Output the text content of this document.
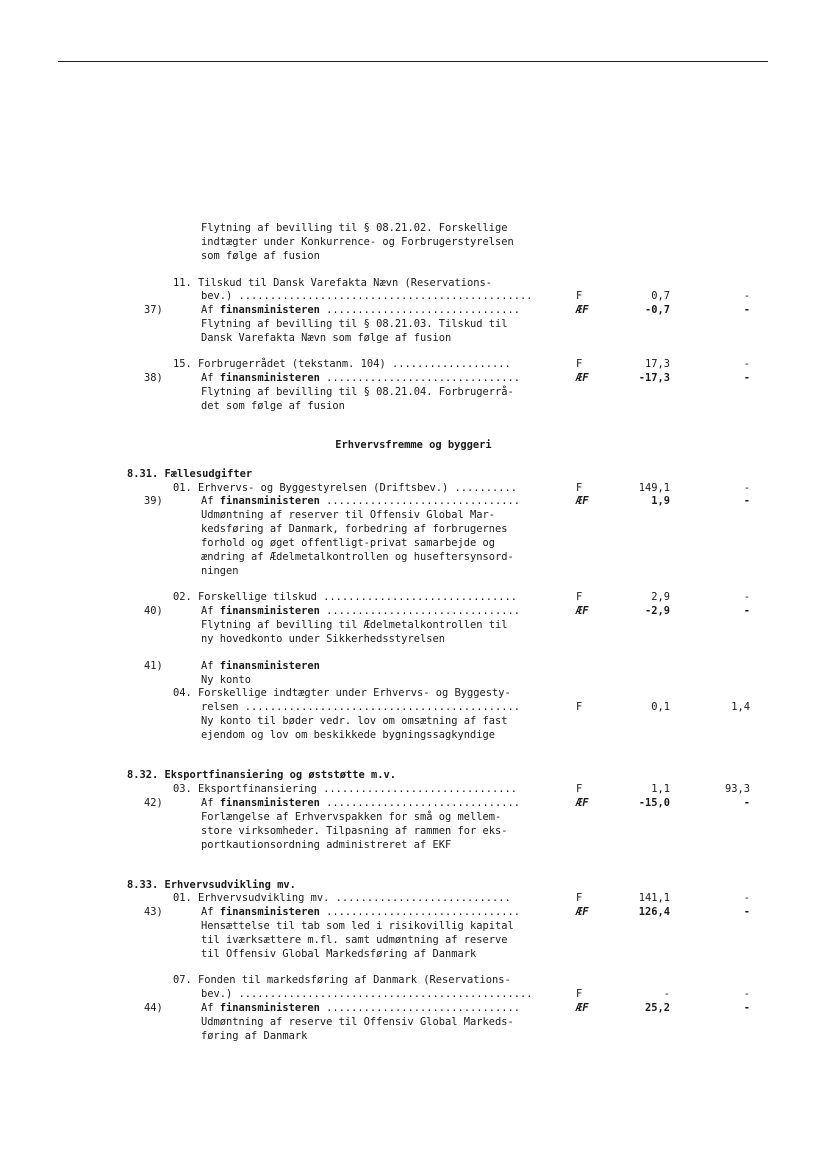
Flytning af bevilling til § 08.21.02. Forskellige
indtægter under Konkurrence- og Forbrugerstyrelsen
som følge af fusion
11. Tilskud til Dansk Varefakta Nævn (Reservations-
bev.) ...............................................	F	0,7	-
37)	Af finansministeren ...............................	ÆF	-0,7	-
Flytning af bevilling til § 08.21.03. Tilskud til
Dansk Varefakta Nævn som følge af fusion
15. Forbrugerrådet (tekstanm. 104) ...................	F	17,3	-
38)	Af finansministeren ...............................	ÆF	-17,3	-
Flytning af bevilling til § 08.21.04. Forbrugerrå-
det som følge af fusion
Erhvervsfremme og byggeri
8.31. Fællesudgifter
01. Erhvervs- og Byggestyrelsen (Driftsbev.) ..........	F	149,1	-
39)	Af finansministeren ...............................	ÆF	1,9	-
Udmøntning af reserver til Offensiv Global Mar-
kedsføring af Danmark, forbedring af forbrugernes
forhold og øget offentligt-privat samarbejde og
ændring af Ædelmetalkontrollen og huseftersynsord-
ningen
02. Forskellige tilskud ...............................	F	2,9	-
40)	Af finansministeren ...............................	ÆF	-2,9	-
Flytning af bevilling til Ædelmetalkontrollen til
ny hovedkonto under Sikkerhedsstyrelsen
41)	Af finansministeren
Ny konto
04. Forskellige indtægter under Erhvervs- og Byggesty-
relsen ............................................	F	0,1	1,4
Ny konto til bøder vedr. lov om omsætning af fast
ejendom og lov om beskikkede bygningssagkyndige
8.32. Eksportfinansiering og øststøtte m.v.
03. Eksportfinansiering ...............................	F	1,1	93,3
42)	Af finansministeren ...............................	ÆF	-15,0	-
Forlængelse af Erhvervspakken for små og mellem-
store virksomheder. Tilpasning af rammen for eks-
portkautionsordning administreret af EKF
8.33. Erhvervsudvikling mv.
01. Erhvervsudvikling mv. ............................	F	141,1	-
43)	Af finansministeren ...............................	ÆF	126,4	-
Hensættelse til tab som led i risikovillig kapital
til iværksættere m.fl. samt udmøntning af reserve
til Offensiv Global Markedsføring af Danmark
07. Fonden til markedsføring af Danmark (Reservations-
bev.) ...............................................	F	-	-
44)	Af finansministeren ...............................	ÆF	25,2	-
Udmøntning af reserve til Offensiv Global Markeds-
føring af Danmark
